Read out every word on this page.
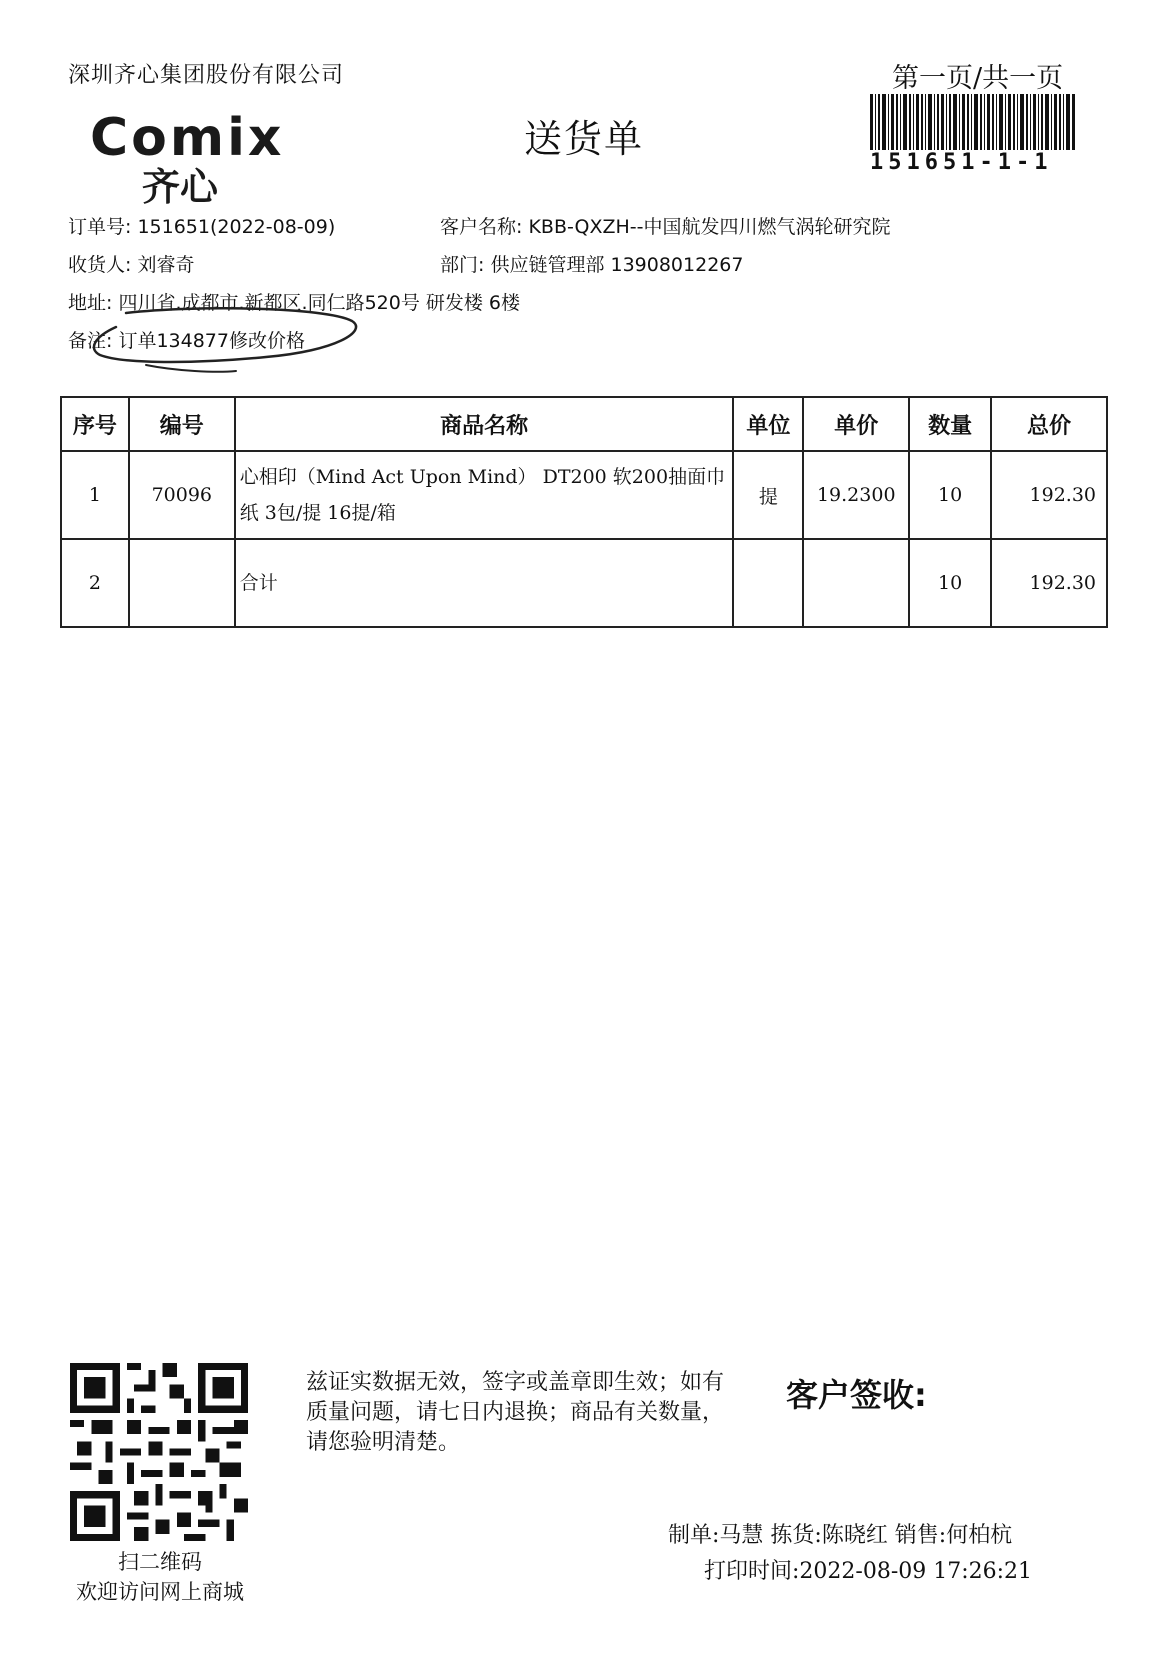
深圳齐心集团股份有限公司	第一页/共一页
送货单
Comix
齐心
151651-1-1
订单号: 151651(2022-08-09)	客户名称: KBB-QXZH--中国航发四川燃气涡轮研究院
收货人: 刘睿奇	部门: 供应链管理部 13908012267
地址: 四川省.成都市.新都区.同仁路520号 研发楼 6楼
备注: 订单134877修改价格
序号	编号	商品名称	单位	单价	数量	总价
1	70096	心相印（Mind Act Upon Mind） DT200 软200抽面巾纸 3包/提 16提/箱	提	19.2300	10	192.30
2		合计			10	192.30
扫二维码
欢迎访问网上商城
兹证实数据无效，签字或盖章即生效；如有质量问题，请七日内退换；商品有关数量，请您验明清楚。
客户签收:
制单:马慧 拣货:陈晓红 销售:何柏杭
打印时间:2022-08-09 17:26:21
